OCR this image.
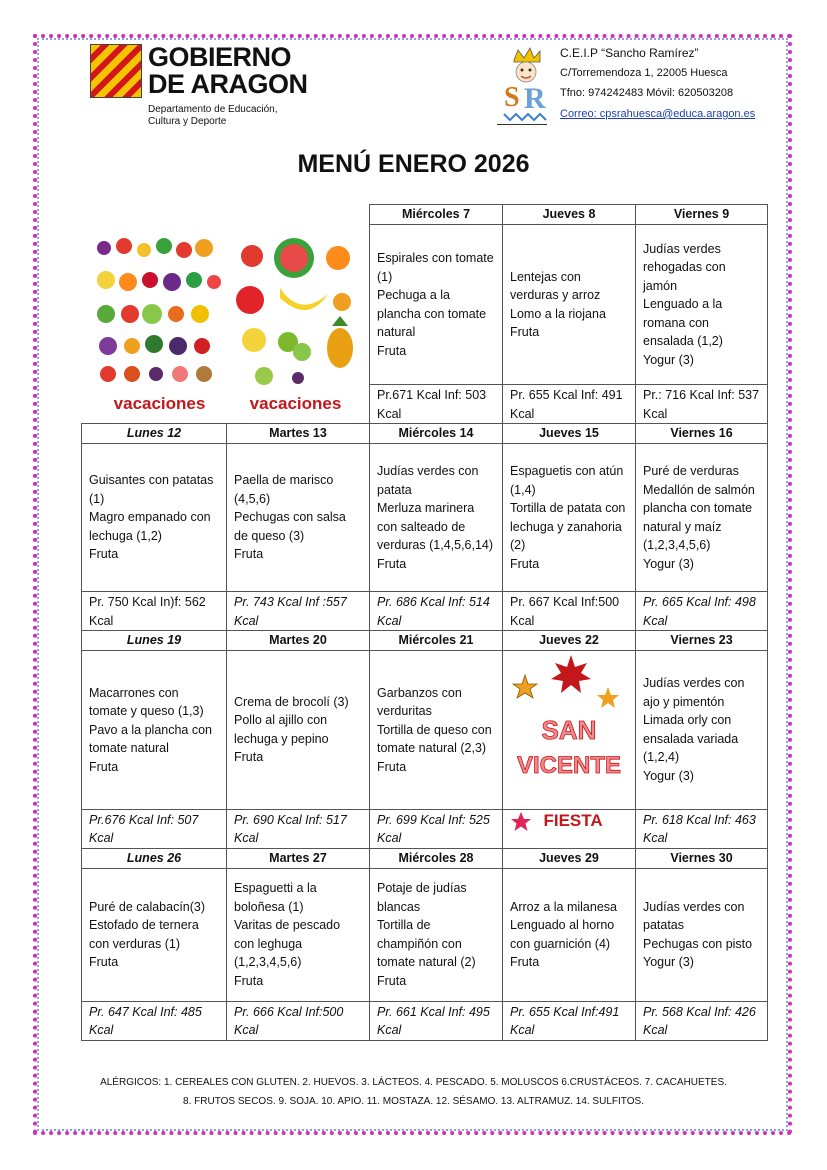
GOBIERNO
DE ARAGON
Departamento de Educación,
Cultura y Deporte
S R
C.E.I.P “Sancho Ramírez”
C/Torremendoza 1, 22005 Huesca
Tfno: 974242483 Móvil: 620503208
Correo: cpsrahuesca@educa.aragon.es
MENÚ ENERO 2026
vacaciones	vacaciones
		Miércoles 7	Jueves 8	Viernes 9

		Espirales con tomate (1)
Pechuga a la plancha con tomate natural
Fruta	Lentejas con verduras y arroz
Lomo a la riojana
Fruta	Judías verdes rehogadas con jamón
Lenguado a la romana con ensalada (1,2)
Yogur (3)

		Pr.671 Kcal Inf: 503 Kcal	Pr. 655 Kcal Inf: 491 Kcal	Pr.: 716 Kcal Inf: 537 Kcal
Lunes 12	Martes 13	Miércoles 14	Jueves 15	Viernes 16

Guisantes con patatas (1)
Magro empanado con lechuga (1,2)
Fruta	Paella de marisco (4,5,6)
Pechugas con salsa de queso (3)
Fruta	Judías verdes con patata
Merluza marinera con salteado de verduras (1,4,5,6,14)
Fruta	Espaguetis con atún (1,4)
Tortilla de patata con lechuga y zanahoria (2)
Fruta	Puré de verduras
Medallón de salmón plancha con tomate natural y maíz (1,2,3,4,5,6)
Yogur (3)

Pr. 750 Kcal In)f: 562 Kcal	Pr. 743 Kcal Inf :557 Kcal	Pr. 686 Kcal Inf: 514 Kcal	Pr. 667 Kcal Inf:500 Kcal	Pr. 665 Kcal Inf: 498 Kcal
Lunes 19	Martes 20	Miércoles 21	Jueves 22	Viernes 23

Macarrones con tomate y queso (1,3)
Pavo a la plancha con tomate natural
Fruta	Crema de brocolí (3)
Pollo al ajillo con lechuga y pepino
Fruta	Garbanzos con verduritas
Tortilla de queso con tomate natural (2,3)
Fruta	SAN
VICENTE	Judías verdes con ajo y pimentón
Limada orly con ensalada variada (1,2,4)
Yogur (3)

Pr.676 Kcal Inf: 507 Kcal	Pr. 690 Kcal Inf: 517 Kcal	Pr. 699 Kcal Inf: 525 Kcal	FIESTA	Pr. 618 Kcal Inf: 463 Kcal
Lunes 26	Martes 27	Miércoles 28	Jueves 29	Viernes 30

Puré de calabacín(3)
Estofado de ternera con verduras (1)
Fruta	Espaguetti a la boloñesa (1)
Varitas de pescado con leghuga (1,2,3,4,5,6)
Fruta	Potaje de judías blancas
Tortilla de champiñón con tomate natural (2)
Fruta	Arroz a la milanesa
Lenguado al horno con guarnición (4)
Fruta	Judías verdes con patatas
Pechugas con pisto
Yogur (3)

Pr. 647 Kcal Inf: 485 Kcal	Pr. 666 Kcal Inf:500 Kcal	Pr. 661 Kcal Inf: 495 Kcal	Pr. 655 Kcal Inf:491 Kcal	Pr. 568 Kcal Inf: 426 Kcal
ALÉRGICOS: 1. CEREALES CON GLUTEN. 2. HUEVOS. 3. LÁCTEOS. 4. PESCADO. 5. MOLUSCOS 6.CRUSTÁCEOS. 7. CACAHUETES.
8. FRUTOS SECOS. 9. SOJA. 10. APIO. 11. MOSTAZA. 12. SÉSAMO. 13. ALTRAMUZ. 14. SULFITOS.
